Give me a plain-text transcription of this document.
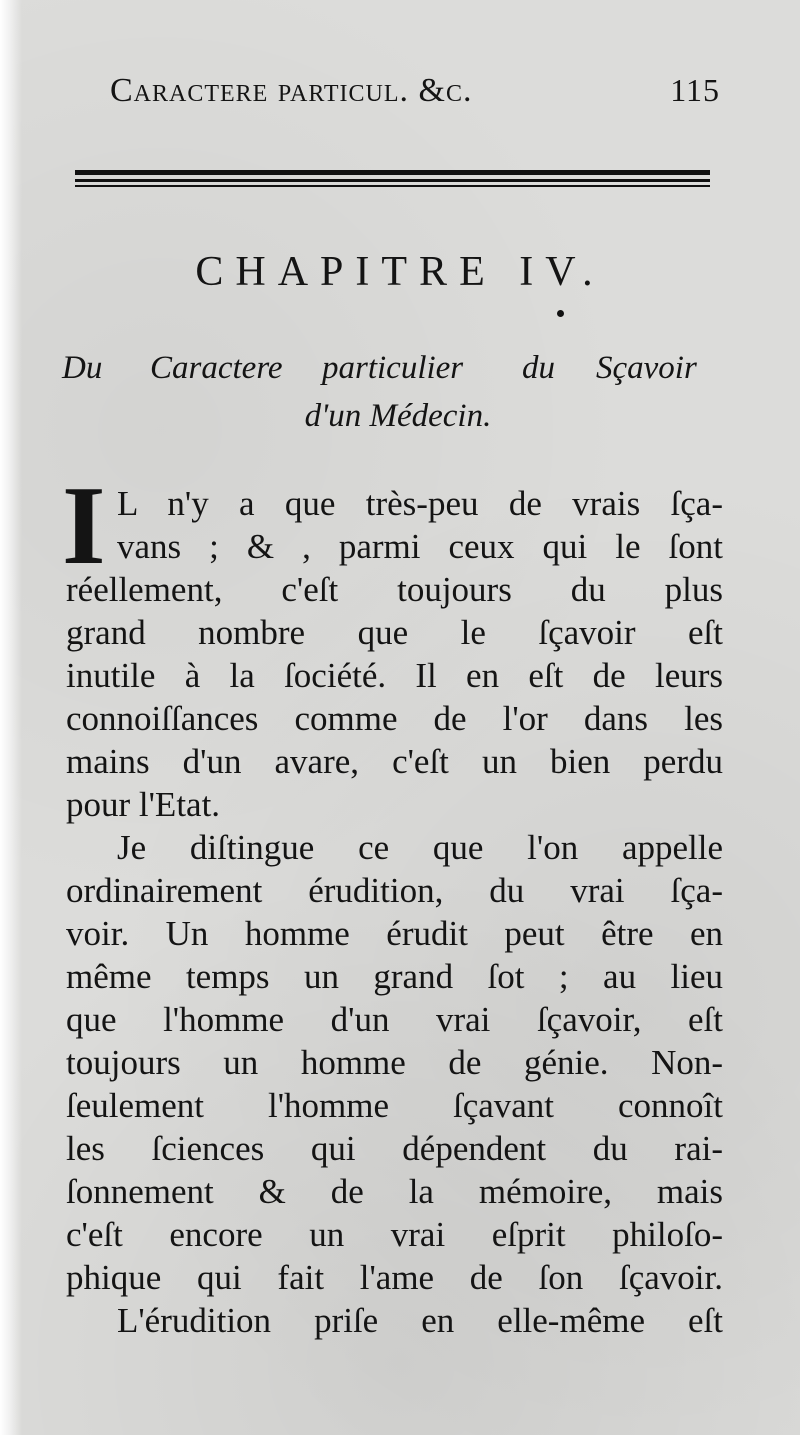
Caractere particul. &c.	115
CHAPITRE IV.
Du Caractere particulier du Sçavoir
d'un Médecin.
I L n'y a que très-peu de vrais ſça-
vans ; & , parmi ceux qui le ſont
réellement, c'eſt toujours du plus
grand nombre que le ſçavoir eſt
inutile à la ſociété. Il en eſt de leurs
connoiſſances comme de l'or dans les
mains d'un avare, c'eſt un bien perdu
pour l'Etat.
Je diſtingue ce que l'on appelle
ordinairement érudition, du vrai ſça-
voir. Un homme érudit peut être en
même temps un grand ſot ; au lieu
que l'homme d'un vrai ſçavoir, eſt
toujours un homme de génie. Non-
ſeulement l'homme ſçavant connoît
les ſciences qui dépendent du rai-
ſonnement & de la mémoire, mais
c'eſt encore un vrai eſprit philoſo-
phique qui fait l'ame de ſon ſçavoir.
L'érudition priſe en elle-même eſt
